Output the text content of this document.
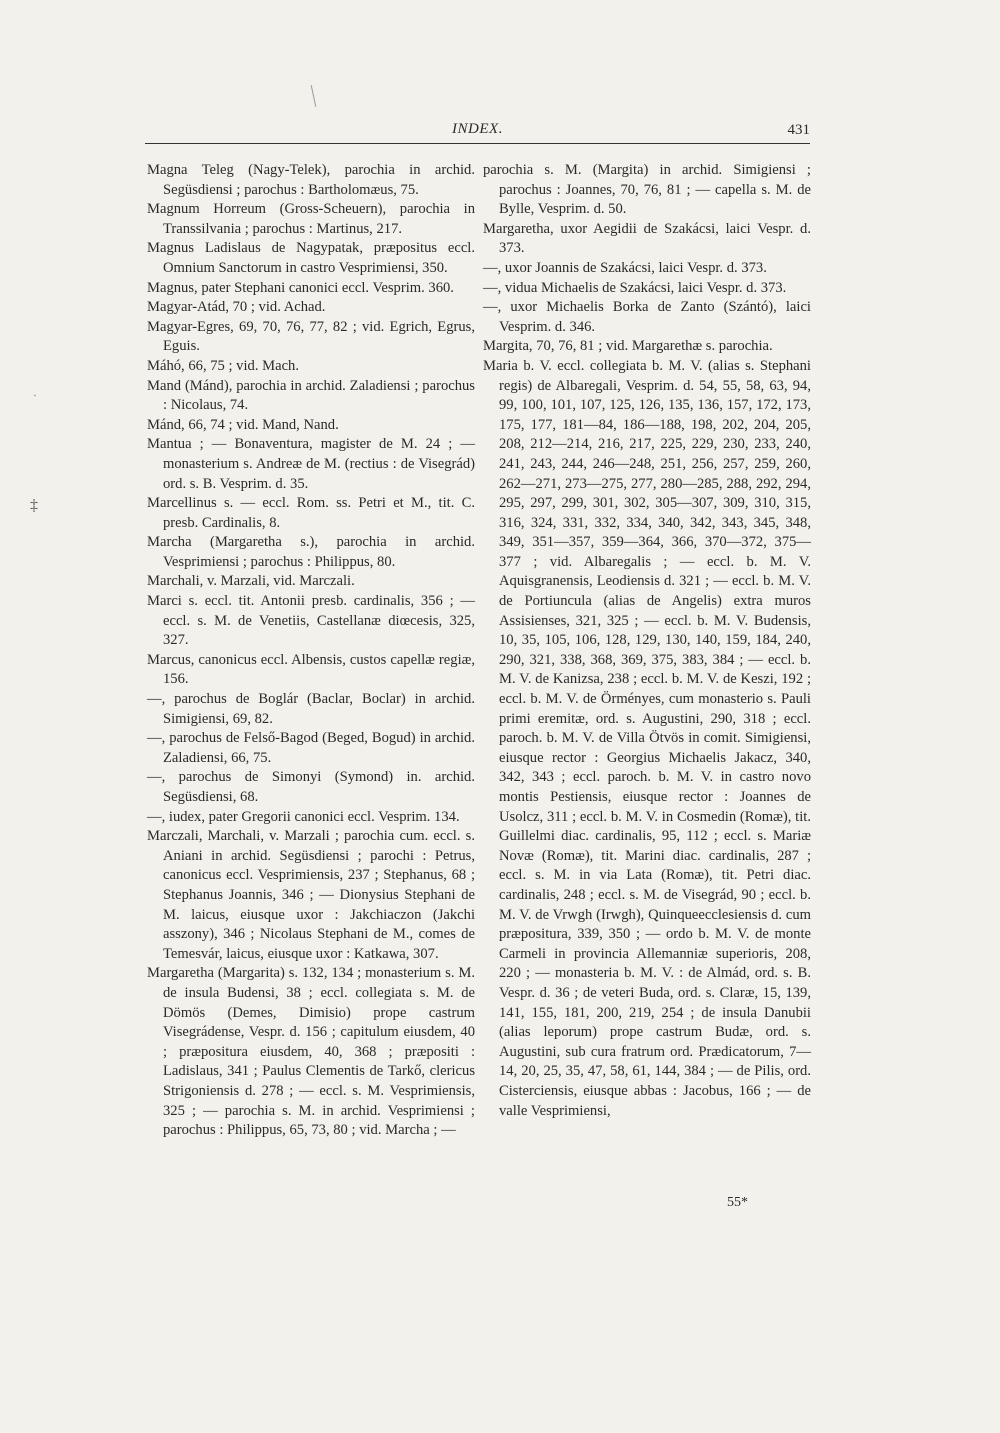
`
‡
INDEX.	431

Magna Teleg (Nagy-Telek), parochia in archid. Següsdiensi ; parochus : Bartholomæus, 75.

Magnum Horreum (Gross-Scheuern), parochia in Transsilvania ; parochus : Martinus, 217.

Magnus Ladislaus de Nagypatak, præpositus eccl. Omnium Sanctorum in castro Vesprimiensi, 350.

Magnus, pater Stephani canonici eccl. Vesprim. 360.

Magyar-Atád, 70 ; vid. Achad.

Magyar-Egres, 69, 70, 76, 77, 82 ; vid. Egrich, Egrus, Eguis.

Máhó, 66, 75 ; vid. Mach.

Mand (Mánd), parochia in archid. Zaladiensi ; parochus : Nicolaus, 74.

Mánd, 66, 74 ; vid. Mand, Nand.

Mantua ; — Bonaventura, magister de M. 24 ; — monasterium s. Andreæ de M. (rectius : de Visegrád) ord. s. B. Vesprim. d. 35.

Marcellinus s. — eccl. Rom. ss. Petri et M., tit. C. presb. Cardinalis, 8.

Marcha (Margaretha s.), parochia in archid. Vesprimiensi ; parochus : Philippus, 80.

Marchali, v. Marzali, vid. Marczali.

Marci s. eccl. tit. Antonii presb. cardinalis, 356 ; — eccl. s. M. de Venetiis, Castellanæ diœcesis, 325, 327.

Marcus, canonicus eccl. Albensis, custos capellæ regiæ, 156.

—, parochus de Boglár (Baclar, Boclar) in archid. Simigiensi, 69, 82.

—, parochus de Felső-Bagod (Beged, Bogud) in archid. Zaladiensi, 66, 75.

—, parochus de Simonyi (Symond) in. archid. Següsdiensi, 68.

—, iudex, pater Gregorii canonici eccl. Vesprim. 134.

Marczali, Marchali, v. Marzali ; parochia cum. eccl. s. Aniani in archid. Següsdiensi ; parochi : Petrus, canonicus eccl. Vesprimiensis, 237 ; Stephanus, 68 ; Stephanus Joannis, 346 ; — Dionysius Stephani de M. laicus, eiusque uxor : Jakchiaczon (Jakchi asszony), 346 ; Nicolaus Stephani de M., comes de Temesvár, laicus, eiusque uxor : Katkawa, 307.

Margaretha (Margarita) s. 132, 134 ; monasterium s. M. de insula Budensi, 38 ; eccl. collegiata s. M. de Dömös (Demes, Dimisio) prope castrum Visegrádense, Vespr. d. 156 ; capitulum eiusdem, 40 ; præpositura eiusdem, 40, 368 ; præpositi : Ladislaus, 341 ; Paulus Clementis de Tarkő, clericus Strigoniensis d. 278 ; — eccl. s. M. Vesprimiensis, 325 ; — parochia s. M. in archid. Vesprimiensi ; parochus : Philippus, 65, 73, 80 ; vid. Marcha ; —

parochia s. M. (Margita) in archid. Simigiensi ; parochus : Joannes, 70, 76, 81 ; — capella s. M. de Bylle, Vesprim. d. 50.

Margaretha, uxor Aegidii de Szakácsi, laici Vespr. d. 373.

—, uxor Joannis de Szakácsi, laici Vespr. d. 373.

—, vidua Michaelis de Szakácsi, laici Vespr. d. 373.

—, uxor Michaelis Borka de Zanto (Szántó), laici Vesprim. d. 346.

Margita, 70, 76, 81 ; vid. Margarethæ s. parochia.

Maria b. V. eccl. collegiata b. M. V. (alias s. Stephani regis) de Albaregali, Vesprim. d. 54, 55, 58, 63, 94, 99, 100, 101, 107, 125, 126, 135, 136, 157, 172, 173, 175, 177, 181—84, 186—188, 198, 202, 204, 205, 208, 212—214, 216, 217, 225, 229, 230, 233, 240, 241, 243, 244, 246—248, 251, 256, 257, 259, 260, 262—271, 273—275, 277, 280—285, 288, 292, 294, 295, 297, 299, 301, 302, 305—307, 309, 310, 315, 316, 324, 331, 332, 334, 340, 342, 343, 345, 348, 349, 351—357, 359—364, 366, 370—372, 375—377 ; vid. Albaregalis ; — eccl. b. M. V. Aquisgranensis, Leodiensis d. 321 ; — eccl. b. M. V. de Portiuncula (alias de Angelis) extra muros Assisienses, 321, 325 ; — eccl. b. M. V. Budensis, 10, 35, 105, 106, 128, 129, 130, 140, 159, 184, 240, 290, 321, 338, 368, 369, 375, 383, 384 ; — eccl. b. M. V. de Kanizsa, 238 ; eccl. b. M. V. de Keszi, 192 ; eccl. b. M. V. de Örményes, cum monasterio s. Pauli primi eremitæ, ord. s. Augustini, 290, 318 ; eccl. paroch. b. M. V. de Villa Ötvös in comit. Simigiensi, eiusque rector : Georgius Michaelis Jakacz, 340, 342, 343 ; eccl. paroch. b. M. V. in castro novo montis Pestiensis, eiusque rector : Joannes de Usolcz, 311 ; eccl. b. M. V. in Cosmedin (Romæ), tit. Guillelmi diac. cardinalis, 95, 112 ; eccl. s. Mariæ Novæ (Romæ), tit. Marini diac. cardinalis, 287 ; eccl. s. M. in via Lata (Romæ), tit. Petri diac. cardinalis, 248 ; eccl. s. M. de Visegrád, 90 ; eccl. b. M. V. de Vrwgh (Irwgh), Quinqueecclesiensis d. cum præpositura, 339, 350 ; — ordo b. M. V. de monte Carmeli in provincia Allemanniæ superioris, 208, 220 ; — monasteria b. M. V. : de Almád, ord. s. B. Vespr. d. 36 ; de veteri Buda, ord. s. Claræ, 15, 139, 141, 155, 181, 200, 219, 254 ; de insula Danubii (alias leporum) prope castrum Budæ, ord. s. Augustini, sub cura fratrum ord. Prædicatorum, 7—14, 20, 25, 35, 47, 58, 61, 144, 384 ; — de Pilis, ord. Cisterciensis, eiusque abbas : Jacobus, 166 ; — de valle Vesprimiensi,

55*
